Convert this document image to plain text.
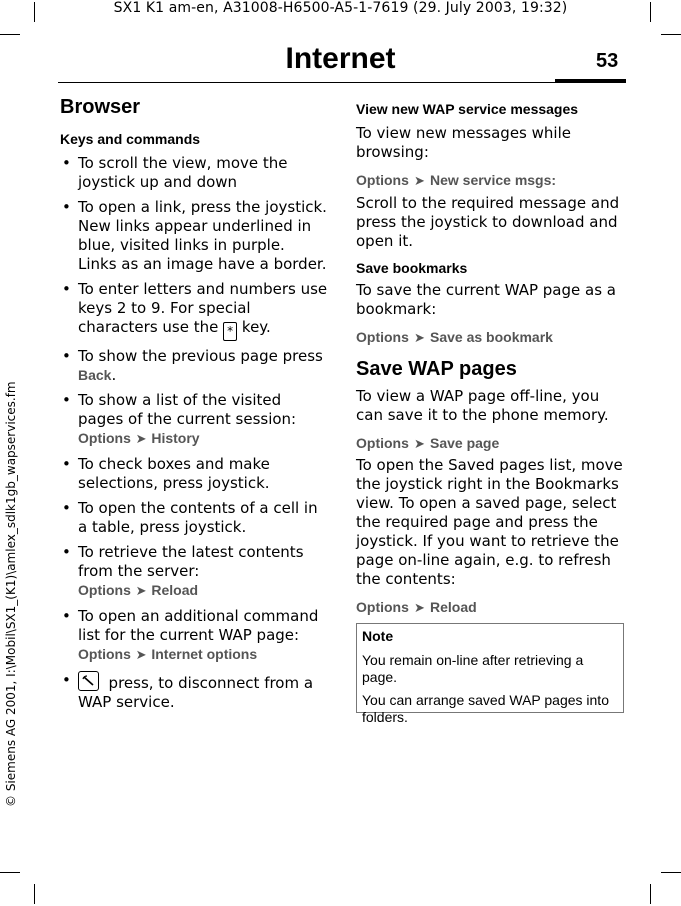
SX1 K1 am-en, A31008-H6500-A5-1-7619 (29. July 2003, 19:32)
Internet	53
© Siemens AG 2001, I:\Mobil\SX1_(K1)\amlex_sdlk1gb_wapservices.fm
Browser
Keys and commands
• To scroll the view, move the joystick up and down
• To open a link, press the joystick. New links appear underlined in blue, visited links in purple. Links as an image have a border.
• To enter letters and numbers use keys 2 to 9. For special characters use the * key.
• To show the previous page press
Back.
• To show a list of the visited pages of the current session:
Options ➤ History
• To check boxes and make selections, press joystick.
• To open the contents of a cell in a table, press joystick.
• To retrieve the latest contents from the server:
Options ➤ Reload
• To open an additional command list for the current WAP page:
Options ➤ Internet options
•	press, to disconnect from a WAP service.
View new WAP service messages

To view new messages while browsing:

Options ➤ New service msgs:

Scroll to the required message and press the joystick to download and open it.

Save bookmarks

To save the current WAP page as a bookmark:

Options ➤ Save as bookmark
Save WAP pages

To view a WAP page off-line, you can save it to the phone memory.

Options ➤ Save page

To open the Saved pages list, move the joystick right in the Bookmarks view. To open a saved page, select the required page and press the joystick. If you want to retrieve the page on-line again, e.g. to refresh the contents:

Options ➤ Reload
Note
You remain on-line after retrieving a page.
You can arrange saved WAP pages into folders.
